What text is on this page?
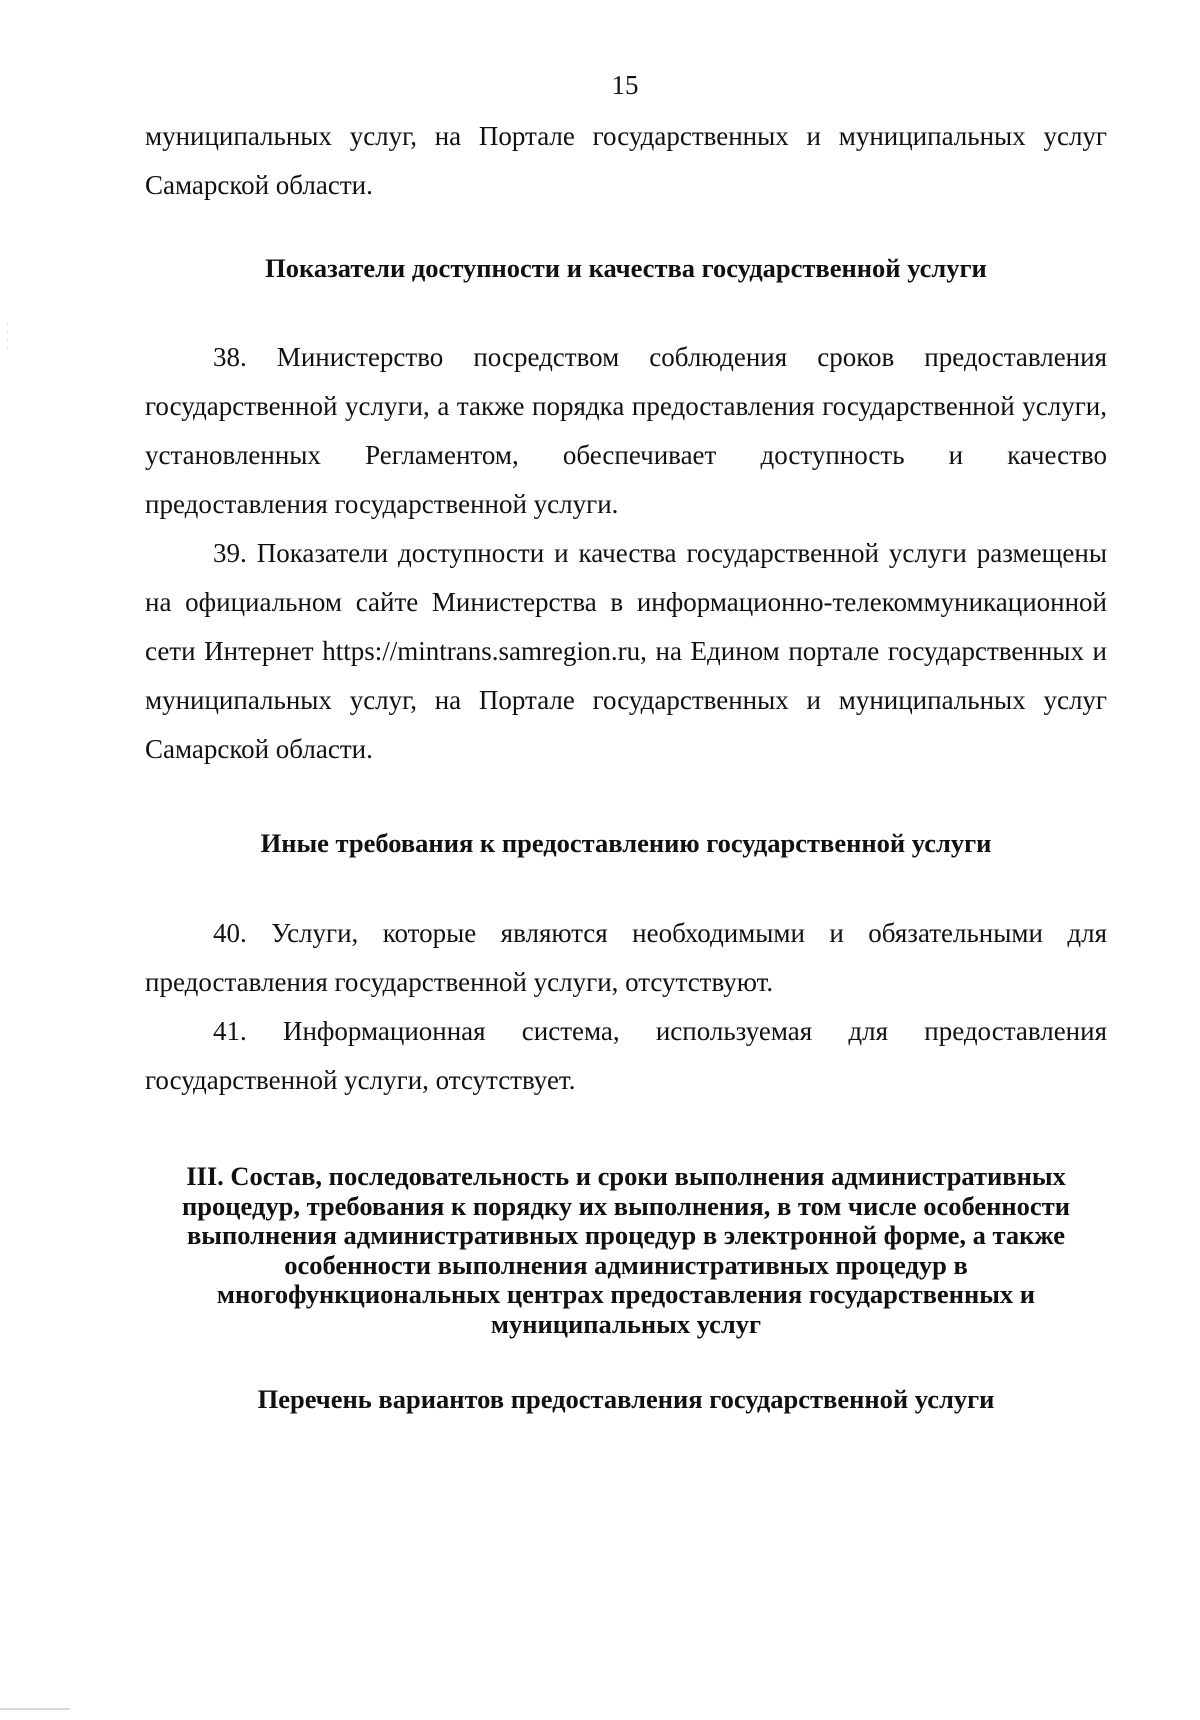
·
·
·
·
15

муниципальных услуг, на Портале государственных и муниципальных услуг Самарской области.

Показатели доступности и качества государственной услуги

38. Министерство посредством соблюдения сроков предоставления государственной услуги, а также порядка предоставления государственной услуги, установленных Регламентом, обеспечивает доступность и качество предоставления государственной услуги.

39. Показатели доступности и качества государственной услуги размещены на официальном сайте Министерства в информационно-телекоммуникационной сети Интернет https://mintrans.samregion.ru, на Едином портале государственных и муниципальных услуг, на Портале государственных и муниципальных услуг Самарской области.

Иные требования к предоставлению государственной услуги

40. Услуги, которые являются необходимыми и обязательными для предоставления государственной услуги, отсутствуют.

41. Информационная система, используемая для предоставления государственной услуги, отсутствует.

III. Состав, последовательность и сроки выполнения административных
процедур, требования к порядку их выполнения, в том числе особенности
выполнения административных процедур в электронной форме, а также
особенности выполнения административных процедур в
многофункциональных центрах предоставления государственных и
муниципальных услуг
Перечень вариантов предоставления государственной услуги
